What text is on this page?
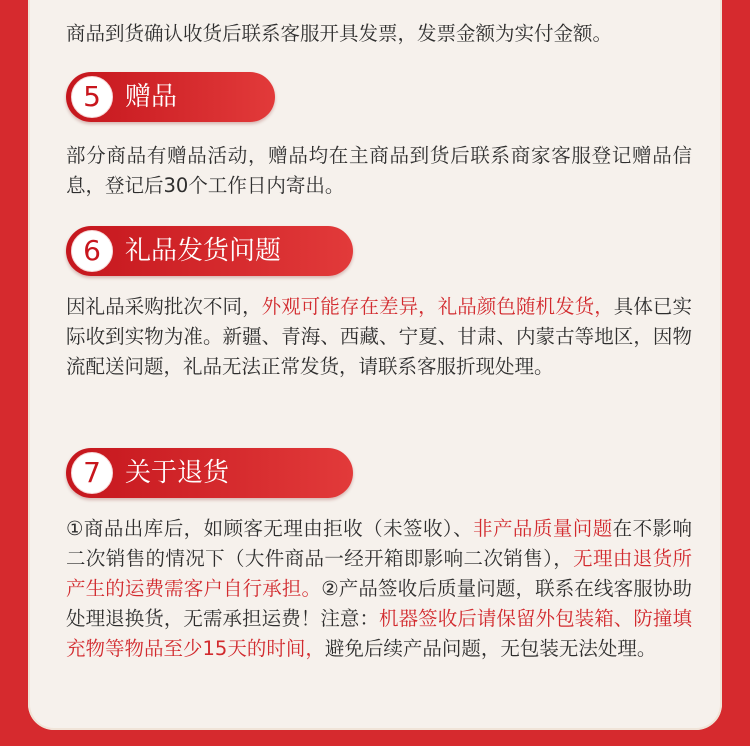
商品到货确认收货后联系客服开具发票，发票金额为实付金额。

5 赠品

部分商品有赠品活动，赠品均在主商品到货后联系商家客服登记赠品信息，登记后30个工作日内寄出。

6 礼品发货问题

因礼品采购批次不同，外观可能存在差异，礼品颜色随机发货，具体已实际收到实物为准。新疆、青海、西藏、宁夏、甘肃、内蒙古等地区，因物流配送问题，礼品无法正常发货，请联系客服折现处理。

7 关于退货

①商品出库后，如顾客无理由拒收（未签收）、非产品质量问题在不影响二次销售的情况下（大件商品一经开箱即影响二次销售），无理由退货所产生的运费需客户自行承担。②产品签收后质量问题，联系在线客服协助处理退换货，无需承担运费！注意：机器签收后请保留外包装箱、防撞填充物等物品至少15天的时间，避免后续产品问题，无包装无法处理。
